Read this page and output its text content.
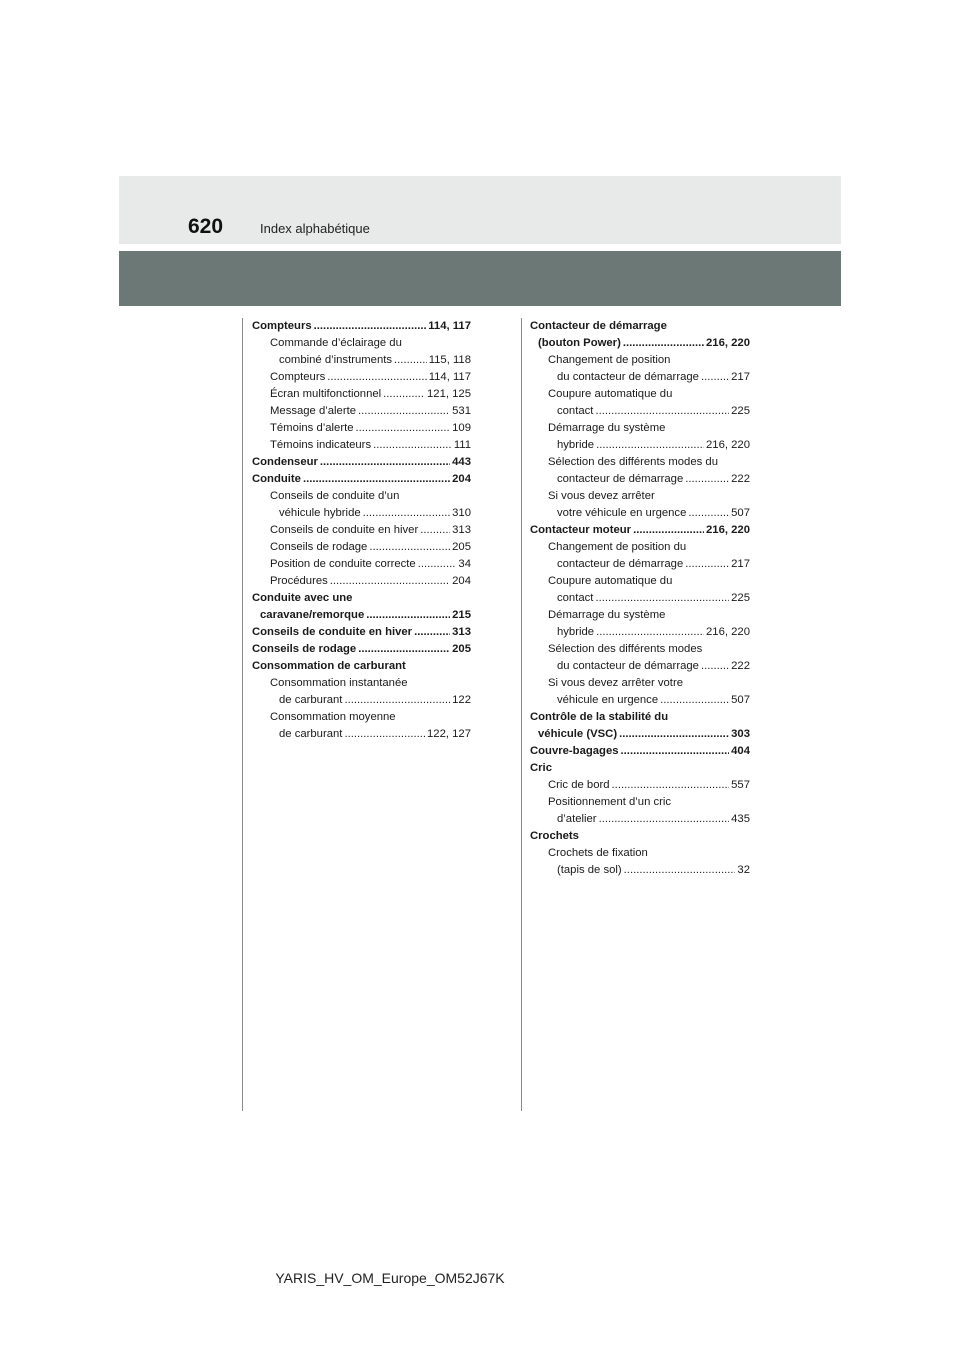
620	Index alphabétique
Compteurs .....	114, 117
Commande d’éclairage du
combiné d’instruments .....	115, 118
Compteurs .....	114, 117
Écran multifonctionnel .....	121, 125
Message d’alerte .....	531
Témoins d’alerte .....	109
Témoins indicateurs .....	111
Condenseur .....	443
Conduite .....	204
Conseils de conduite d’un
véhicule hybride .....	310
Conseils de conduite en hiver .....	313
Conseils de rodage .....	205
Position de conduite correcte .....	34
Procédures .....	204
Conduite avec une
caravane/remorque .....	215
Conseils de conduite en hiver .....	313
Conseils de rodage .....	205
Consommation de carburant
Consommation instantanée
de carburant .....	122
Consommation moyenne
de carburant .....	122, 127
Contacteur de démarrage
(bouton Power) .....	216, 220
Changement de position
du contacteur de démarrage .....	217
Coupure automatique du
contact .....	225
Démarrage du système
hybride .....	216, 220
Sélection des différents modes du
contacteur de démarrage .....	222
Si vous devez arrêter
votre véhicule en urgence .....	507
Contacteur moteur .....	216, 220
Changement de position du
contacteur de démarrage .....	217
Coupure automatique du
contact .....	225
Démarrage du système
hybride .....	216, 220
Sélection des différents modes
du contacteur de démarrage .....	222
Si vous devez arrêter votre
véhicule en urgence .....	507
Contrôle de la stabilité du
véhicule (VSC) .....	303
Couvre-bagages .....	404
Cric
Cric de bord .....	557
Positionnement d’un cric
d’atelier .....	435
Crochets
Crochets de fixation
(tapis de sol) .....	32
YARIS_HV_OM_Europe_OM52J67K
